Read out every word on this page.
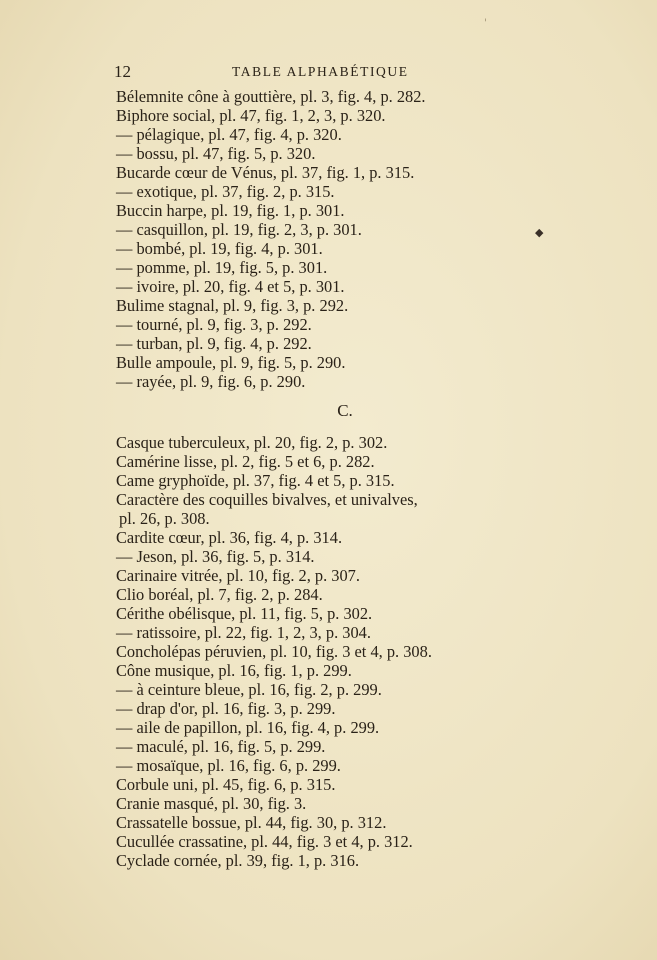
12	TABLE ALPHABÉTIQUE
Bélemnite cône à gouttière, pl. 3, fig. 4, p. 282.
Biphore social, pl. 47, fig. 1, 2, 3, p. 320.
— pélagique, pl. 47, fig. 4, p. 320.
— bossu, pl. 47, fig. 5, p. 320.
Bucarde cœur de Vénus, pl. 37, fig. 1, p. 315.
— exotique, pl. 37, fig. 2, p. 315.
Buccin harpe, pl. 19, fig. 1, p. 301.
— casquillon, pl. 19, fig. 2, 3, p. 301.
— bombé, pl. 19, fig. 4, p. 301.
— pomme, pl. 19, fig. 5, p. 301.
— ivoire, pl. 20, fig. 4 et 5, p. 301.
Bulime stagnal, pl. 9, fig. 3, p. 292.
— tourné, pl. 9, fig. 3, p. 292.
— turban, pl. 9, fig. 4, p. 292.
Bulle ampoule, pl. 9, fig. 5, p. 290.
— rayée, pl. 9, fig. 6, p. 290.
C.
Casque tuberculeux, pl. 20, fig. 2, p. 302.
Camérine lisse, pl. 2, fig. 5 et 6, p. 282.
Came gryphoïde, pl. 37, fig. 4 et 5, p. 315.
Caractère des coquilles bivalves, et univalves,
pl. 26, p. 308.
Cardite cœur, pl. 36, fig. 4, p. 314.
— Jeson, pl. 36, fig. 5, p. 314.
Carinaire vitrée, pl. 10, fig. 2, p. 307.
Clio boréal, pl. 7, fig. 2, p. 284.
Cérithe obélisque, pl. 11, fig. 5, p. 302.
— ratissoire, pl. 22, fig. 1, 2, 3, p. 304.
Concholépas péruvien, pl. 10, fig. 3 et 4, p. 308.
Cône musique, pl. 16, fig. 1, p. 299.
— à ceinture bleue, pl. 16, fig. 2, p. 299.
— drap d'or, pl. 16, fig. 3, p. 299.
— aile de papillon, pl. 16, fig. 4, p. 299.
— maculé, pl. 16, fig. 5, p. 299.
— mosaïque, pl. 16, fig. 6, p. 299.
Corbule uni, pl. 45, fig. 6, p. 315.
Cranie masqué, pl. 30, fig. 3.
Crassatelle bossue, pl. 44, fig. 30, p. 312.
Cucullée crassatine, pl. 44, fig. 3 et 4, p. 312.
Cyclade cornée, pl. 39, fig. 1, p. 316.
◆
'
